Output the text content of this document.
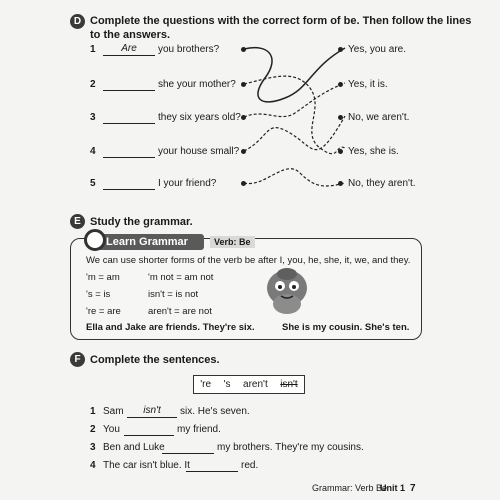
D Complete the questions with the correct form of be. Then follow the lines
to the answers.
1	Are	you brothers?
2	she your mother?
3	they six years old?
4	your house small?
5	I your friend?
Yes, you are.
Yes, it is.
No, we aren't.
Yes, she is.
No, they aren't.
E Study the grammar.
Learn Grammar	Verb: Be
We can use shorter forms of the verb be after I, you, he, she, it, we, and they.
'm = am	'm not = am not
's = is	isn't = is not
're = are	aren't = are not
Ella and Jake are friends. They're six.	She is my cousin. She's ten.
F Complete the sentences.
're 's aren't isn't
1 Sam	isn't	six. He's seven.
2 You	my friend.
3 Ben and Luke	my brothers. They're my cousins.
4 The car isn't blue. It	red.
Grammar: Verb Be
Unit 1 7
